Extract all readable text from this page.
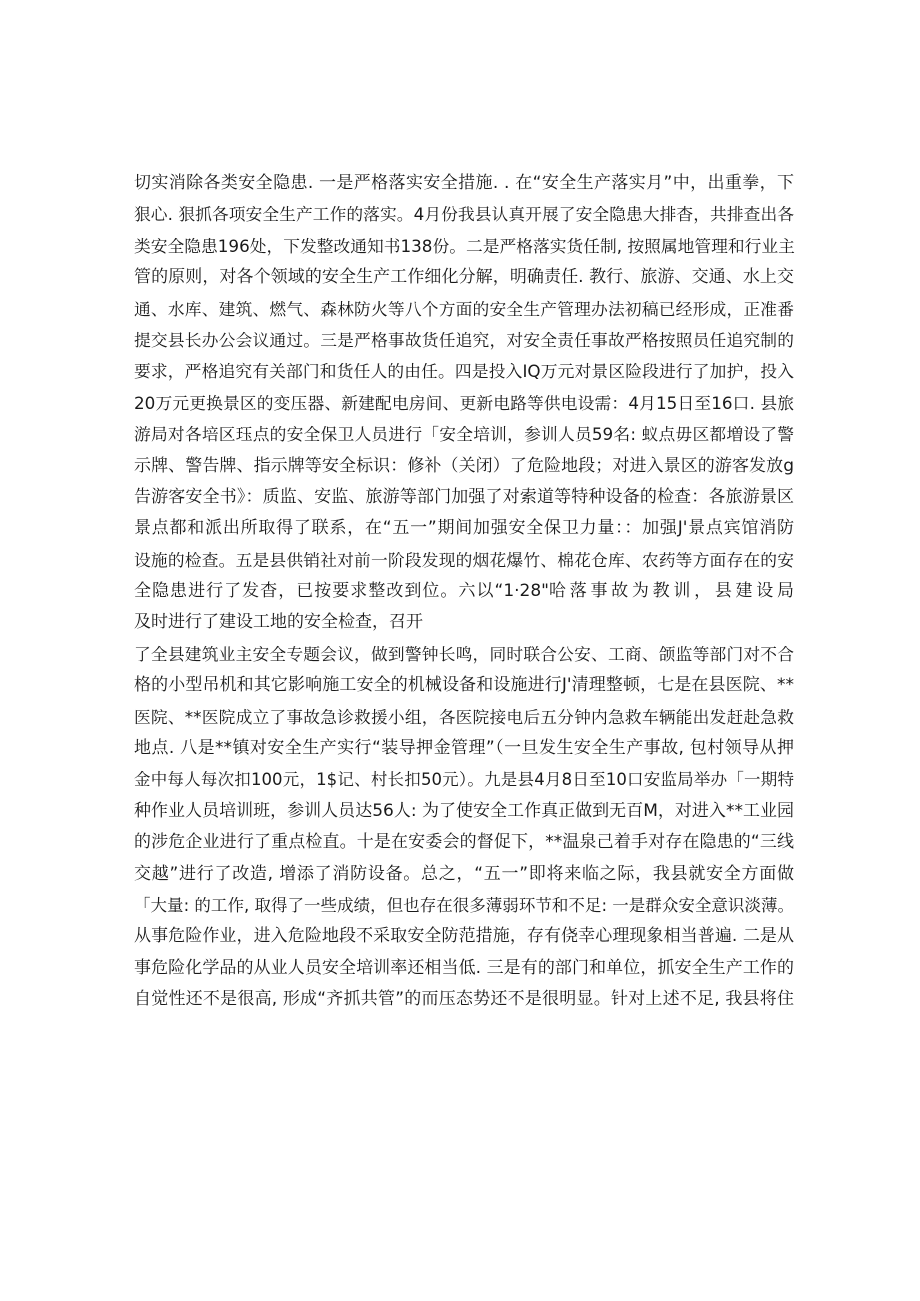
切实消除各类安全隐患. 一是严格落实安全措施. . 在“安全生产落实月”中，出重拳，下
狠心. 狠抓各项安全生产工作的落实。4月份我县认真开展了安全隐患大排杳，共排查出各
类安全隐患196处，下发整改通知书138份。二是严格落实货任制, 按照属地管理和行业主
管的原则，对各个领域的安全生产工作细化分解，明确责任. 教行、旅游、交通、水上交
通、水库、建筑、燃气、森林防火等八个方面的安全生产管理办法初稿已经形成，正准番
提交县长办公会议通过。三是严格事故货任追究，对安全责任事故严格按照员任追究制的
要求，严格追究有关部门和货任人的由任。四是投入IQ万元对景区险段进行了加护，投入
20万元更换景区的变压器、新建配电房间、更新电路等供电设需：4月15日至16口. 县旅
游局对各培区珏点的安全保卫人员进行「安全培训，参训人员59名: 蚁点毋区都増设了警
示牌、警告牌、指示牌等安全标识：修补（关闭）了危险地段；对进入景区的游客发放g
告游客安全书》：质监、安监、旅游等部门加强了对索道等特种设备的检查：各旅游景区
景点都和派出所取得了联系，在“五一”期间加强安全保卫力量：：加强J'景点宾馆消防
设施的检查。五是县供销社对前一阶段发现的烟花爆竹、棉花仓库、农药等方面存在的安
全隐患进行了发杳，已按要求整改到位。六以“1·28" 哈落事故为教训，县建设局
及时进行了建设工地的安全检查，召开
了全县建筑业主安全专题会议，做到警钟长鸣，同时联合公安、工商、颌监等部门对不合
格的小型吊机和其它影响施工安全的机械设备和设施进行J'清理整顿，七是在县医院、**
医院、**医院成立了事故急诊救援小组，各医院接电后五分钟内急救车辆能出发赶赴急救
地点. 八是**镇对安全生产实行“装导押金管理”（一旦发生安全生产事故, 包村领导从押
金中每人每次扣100元，1$记、村长扣50元）。九是县4月8日至10口安监局举办「一期特
种作业人员培训班，参训人员达56人: 为了使安全工作真正做到无百M，对进入**工业园
的涉危企业进行了重点检直。十是在安委会的督促下，**温泉己着手对存在隐患的“三线
交越”进行了改造, 增添了消防设备。总之，“五一”即将来临之际，我县就安全方面做
「大量: 的工作, 取得了一些成绩，但也存在很多薄弱环节和不足: 一是群众安全意识淡薄。
从事危险作业，进入危险地段不采取安全防范措施，存有侥幸心理现象相当普遍. 二是从
事危险化学品的从业人员安全培训率还相当低. 三是有的部门和单位，抓安全生产工作的
自觉性还不是很高, 形成“齐抓共管”的而压态势还不是很明显。针对上述不足, 我县将住
